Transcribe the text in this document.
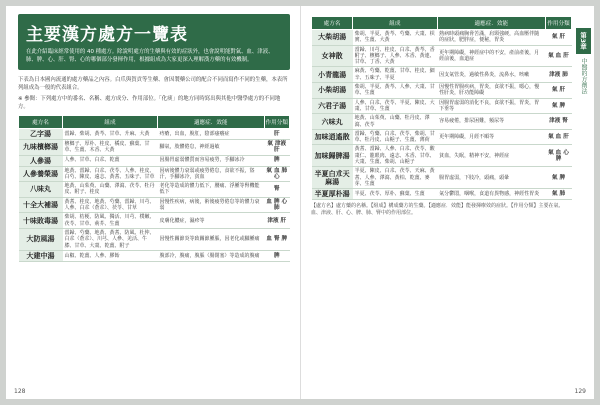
主要漢方處方一覽表

在此介紹臨床經常使用的 40 種處方。除說明處方的生藥與有效的症狀外，也會說明能對氣、血、津液、肺、脾、心、肝、腎、心的哪個部分發揮作用，根據組成為大家更深入理解漢方藥的有效機制。

下表為日本國內流通的處方藥品之內容。白爪與賀貢等生藥、會因製藥公司的配合不同而寫作不同的生藥，本表所列組成為一般的代表組合。

※ 參閱：下列處方中的番名、名稱、處方成分、作用部位。「化痰」的地方同時寫出與其他中醫學處方的不同地方。

處方名	組成	適應症．效能	作用分類
乙字湯	當歸、柴胡、黃芩、甘草、升麻、大黃	痔瘡，出血，脫肛，陰部瘙癢症	肝
九味檳榔湯	檳榔子、厚朴、桂皮、橘皮、蘇葉、甘草、生薑、木香、大黃	腳氣，肢體倦怠，神經過敏	氣 津液 肝
人參湯	人參、甘草、白朮、乾薑	因腸胃虛弱體質而容易疲勞，手腳冰冷	脾
人參養榮湯	地黃、當歸、白朮、茯苓、人參、桂皮、白芍、陳皮、遠志、黃耆、五味子、甘草	因病後體力衰弱或疲勞倦怠，食欲不振，盜汗，手腳冰冷，貧血	氣 血 肺 心
八味丸	地黃、山茱萸、山藥、澤瀉、茯苓、牡丹皮、附子、桂皮	老化等造成的體力低下，腰痛、浮腫等腎機能低下	腎
十全大補湯	黃耆、桂皮、地黃、芍藥、當歸、川芎、人參、白朮（蒼朮）、茯苓、甘草	因慢性疾病，病後，術後疲勞倦怠等的體力衰弱	血 脾 心 肺
十味敗毒湯	柴胡、桔梗、防風、獨活、川芎、樸嫩、茯苓、甘草、荊芥、生薑	皮膚化膿症，濕疹等	津液 肝
大防風湯	當歸、芍藥、地黃、黃耆、防風、杜仲、白朮（蒼朮）、川芎、人參、羌活、牛膝、甘草、大棗、乾薑、附子	因慢性關節炎等致關節腫脹，因老化或腳腫痛	血 腎 脾
大建中湯	山椒、乾薑、人參、膠飴	腹部冷，腹痛，腹脹（腸閉塞）等造成的腹痛	脾
128
處方名	組成	適應症．效能	作用分類
大柴胡湯	柴胡、半夏、黃芩、芍藥、大棗、枳實、生薑、大黃	熱病時頭痛胸脅苦滿，肩頸強硬，高血壓伴隨的症狀，肥胖症，便秘，胃炎	氣 肝
女神散	當歸、川芎、桂皮、白朮、黃芩、香附子、檳榔子、人參、木香、黃連、甘草、丁香、大黃	更年期障礙，神經症中的不安，產前產後，月經前後，血道症	氣 血 肝
小青龍湯	麻黃、芍藥、乾薑、甘草、桂皮、細辛、五味子、半夏	因支氣管炎，過敏性鼻炎，流鼻水，咳嗽	津液 肺
小柴胡湯	柴胡、半夏、黃芩、人參、大棗、甘草、生薑	因慢性胃腸疾病，胃炎，食欲不振，噁心，慢性肝炎，肝功能障礙	氣 肝
六君子湯	人參、白朮、茯苓、半夏、陳皮、大棗、甘草、生薑	因腸胃虛弱的消化不良，食欲不振，胃炎，胃下垂等	氣 脾
六味丸	地黃、山茱萸、山藥、牡丹皮、澤瀉、茯苓	容易疲倦，排尿困難，頻尿等	津液 腎
加味逍遙散	當歸、芍藥、白朮、茯苓、柴胡、甘草、牡丹皮、山梔子、生薑、薄荷	更年期障礙，月經不順等	氣 血 肝
加味歸脾湯	黃耆、當歸、人參、白朮、茯苓、酸棗仁、龍眼肉、遠志、木香、甘草、大棗、生薑、柴胡、山梔子	貧血，失眠，精神不安，神經症	氣 血 心 脾
半夏白朮天麻湯	半夏、陳皮、白朮、茯苓、天麻、黃耆、人參、澤瀉、黃柏、乾薑、麥芽、生薑	腸胃虛弱，下肢冷，頭痛，頭暈	氣 脾
半夏厚朴湯	半夏、茯苓、厚朴、蘇葉、生薑	氣分鬱悶，咽喉，食道有異物感，神經性胃炎	氣 肺
【處方名】處方藥的名稱。【組成】構成藥方的生藥。【適應症．效能】能發揮療效的症狀。【作用分類】主要在氣、血、津液、肝、心、脾、肺、腎中的作用部位。
129
第3章
中醫的方劑法
